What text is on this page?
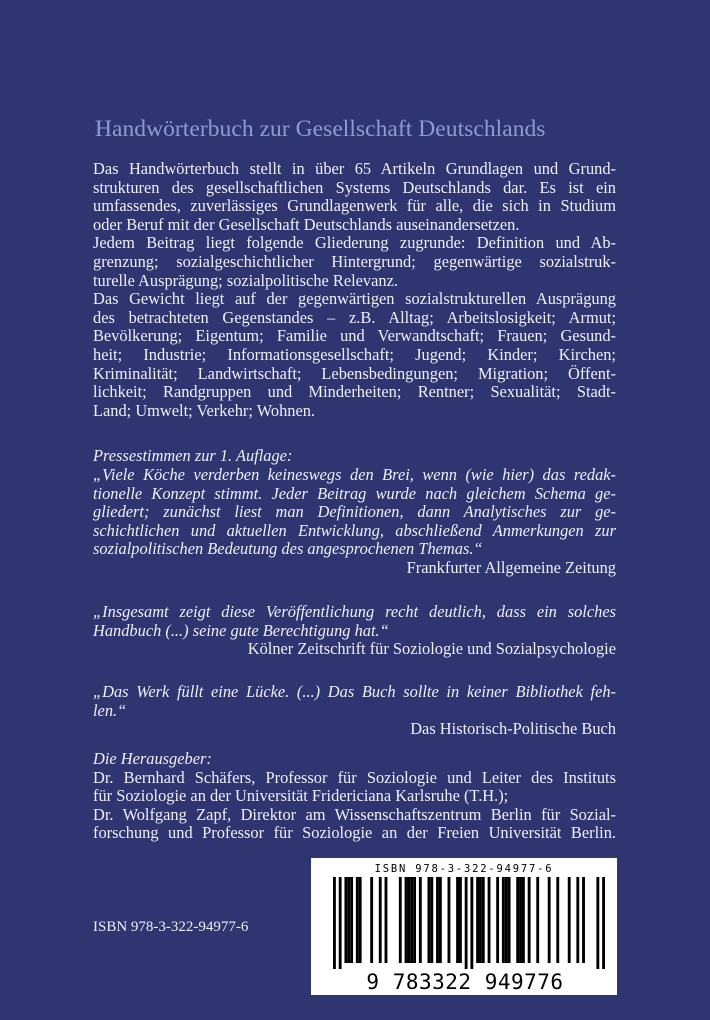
Handwörterbuch zur Gesellschaft Deutschlands

Das Handwörterbuch stellt in über 65 Artikeln Grundlagen und Grund-

strukturen des gesellschaftlichen Systems Deutschlands dar. Es ist ein

umfassendes, zuverlässiges Grundlagenwerk für alle, die sich in Studium

oder Beruf mit der Gesellschaft Deutschlands auseinandersetzen.

Jedem Beitrag liegt folgende Gliederung zugrunde: Definition und Ab-

grenzung; sozialgeschichtlicher Hintergrund; gegenwärtige sozialstruk-

turelle Ausprägung; sozialpolitische Relevanz.

Das Gewicht liegt auf der gegenwärtigen sozialstrukturellen Ausprägung

des betrachteten Gegenstandes – z.B. Alltag; Arbeitslosigkeit; Armut;

Bevölkerung; Eigentum; Familie und Verwandtschaft; Frauen; Gesund-

heit; Industrie; Informationsgesellschaft; Jugend; Kinder; Kirchen;

Kriminalität; Landwirtschaft; Lebensbedingungen; Migration; Öffent-

lichkeit; Randgruppen und Minderheiten; Rentner; Sexualität; Stadt-

Land; Umwelt; Verkehr; Wohnen.

Pressestimmen zur 1. Auflage:

„Viele Köche verderben keineswegs den Brei, wenn (wie hier) das redak-

tionelle Konzept stimmt. Jeder Beitrag wurde nach gleichem Schema ge-

gliedert; zunächst liest man Definitionen, dann Analytisches zur ge-

schichtlichen und aktuellen Entwicklung, abschließend Anmerkungen zur

sozialpolitischen Bedeutung des angesprochenen Themas.“

Frankfurter Allgemeine Zeitung

„Insgesamt zeigt diese Veröffentlichung recht deutlich, dass ein solches

Handbuch (...) seine gute Berechtigung hat.“

Kölner Zeitschrift für Soziologie und Sozialpsychologie

„Das Werk füllt eine Lücke. (...) Das Buch sollte in keiner Bibliothek feh-

len.“

Das Historisch-Politische Buch

Die Herausgeber:

Dr. Bernhard Schäfers, Professor für Soziologie und Leiter des Instituts

für Soziologie an der Universität Fridericiana Karlsruhe (T.H.);

Dr. Wolfgang Zapf, Direktor am Wissenschaftszentrum Berlin für Sozial-

forschung und Professor für Soziologie an der Freien Universität Berlin.

ISBN 978-3-322-94977-6
ISBN 978-3-322-94977-6
9 783322 949776
